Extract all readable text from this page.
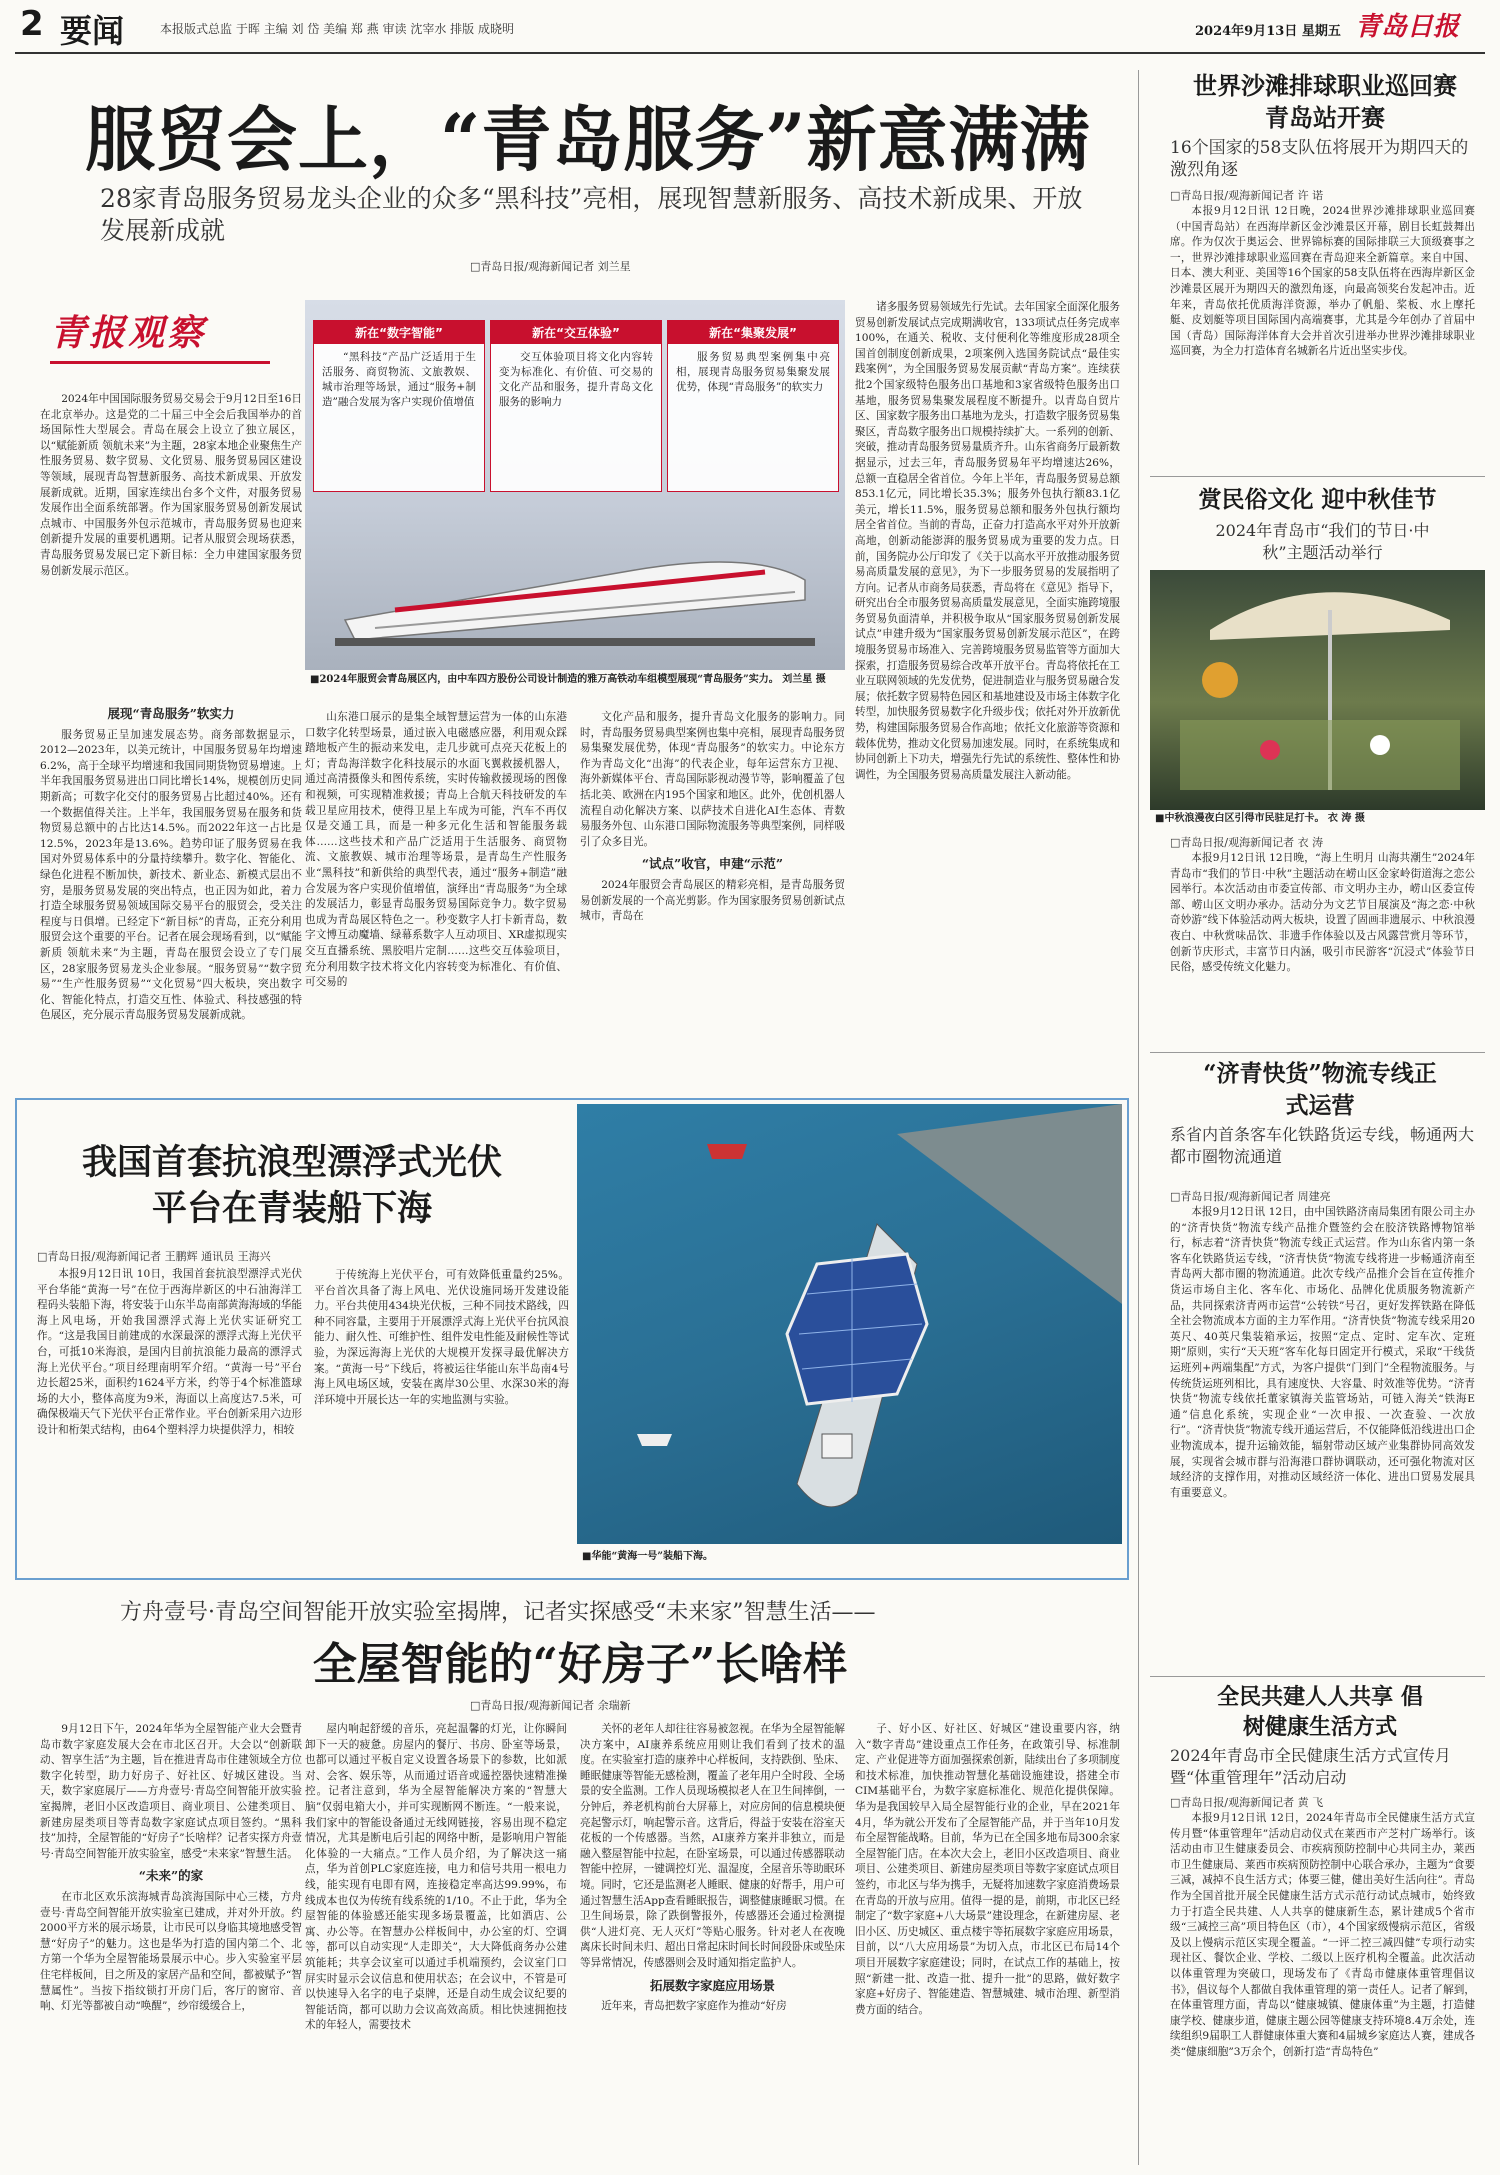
2 要闻	本报版式总监 于晖 主编 刘 岱 美编 郑 燕 审读 沈宰水 排版 成晓明	2024年9月13日 星期五 青岛日报
服贸会上，“青岛服务”新意满满
28家青岛服务贸易龙头企业的众多“黑科技”亮相，展现智慧新服务、高技术新成果、开放发展新成就
□青岛日报/观海新闻记者 刘兰星
青报观察

2024年中国国际服务贸易交易会于9月12日至16日在北京举办。这是党的二十届三中全会后我国举办的首场国际性大型展会。青岛在展会上设立了独立展区，以“赋能新质 领航未来”为主题，28家本地企业聚焦生产性服务贸易、数字贸易、文化贸易、服务贸易园区建设等领域，展现青岛智慧新服务、高技术新成果、开放发展新成就。近期，国家连续出台多个文件，对服务贸易发展作出全面系统部署。作为国家服务贸易创新发展试点城市、中国服务外包示范城市，青岛服务贸易也迎来创新提升发展的重要机遇期。记者从服贸会现场获悉，青岛服务贸易发展已定下新目标：全力申建国家服务贸易创新发展示范区。

新在“数字智能”
“黑科技”产品广泛适用于生活服务、商贸物流、文旅教娱、城市治理等场景，通过“服务+制造”融合发展为客户实现价值增值
新在“交互体验”
交互体验项目将文化内容转变为标准化、有价值、可交易的文化产品和服务，提升青岛文化服务的影响力
新在“集聚发展”
服务贸易典型案例集中亮相，展现青岛服务贸易集聚发展优势，体现“青岛服务”的软实力
■2024年服贸会青岛展区内，由中车四方股份公司设计制造的雅万高铁动车组模型展现“青岛服务”实力。 刘兰星 摄

诸多服务贸易领域先行先试。去年国家全面深化服务贸易创新发展试点完成期满收官，133项试点任务完成率100%，在通关、税收、支付便利化等维度形成28项全国首创制度创新成果，2项案例入选国务院试点“最佳实践案例”，为全国服务贸易发展贡献“青岛方案”。连续获批2个国家级特色服务出口基地和3家省级特色服务出口基地，服务贸易集聚发展程度不断提升。以青岛自贸片区、国家数字服务出口基地为龙头，打造数字服务贸易集聚区，青岛数字服务出口规模持续扩大。一系列的创新、突破，推动青岛服务贸易量质齐升。山东省商务厅最新数据显示，过去三年，青岛服务贸易年平均增速达26%，总额一直稳居全省首位。今年上半年，青岛服务贸易总额853.1亿元，同比增长35.3%；服务外包执行额83.1亿美元，增长11.5%，服务贸易总额和服务外包执行额均居全省首位。当前的青岛，正奋力打造高水平对外开放新高地，创新动能澎湃的服务贸易成为重要的发力点。日前，国务院办公厅印发了《关于以高水平开放推动服务贸易高质量发展的意见》，为下一步服务贸易的发展指明了方向。记者从市商务局获悉，青岛将在《意见》指导下，研究出台全市服务贸易高质量发展意见，全面实施跨境服务贸易负面清单，并积极争取从“国家服务贸易创新发展试点”申建升级为“国家服务贸易创新发展示范区”，在跨境服务贸易市场准入、完善跨境服务贸易监管等方面加大探索，打造服务贸易综合改革开放平台。青岛将依托在工业互联网领域的先发优势，促进制造业与服务贸易融合发展；依托数字贸易特色园区和基地建设及市场主体数字化转型，加快服务贸易数字化升级步伐；依托对外开放新优势，构建国际服务贸易合作高地；依托文化旅游等资源和载体优势，推动文化贸易加速发展。同时，在系统集成和协同创新上下功夫，增强先行先试的系统性、整体性和协调性，为全国服务贸易高质量发展注入新动能。

展现“青岛服务”软实力

服务贸易正呈加速发展态势。商务部数据显示，2012—2023年，以美元统计，中国服务贸易年均增速6.2%，高于全球平均增速和我国同期货物贸易增速。上半年我国服务贸易进出口同比增长14%，规模创历史同期新高；可数字化交付的服务贸易占比超过40%。还有一个数据值得关注。上半年，我国服务贸易在服务和货物贸易总额中的占比达14.5%。而2022年这一占比是12.5%，2023年是13.6%。趋势印证了服务贸易在我国对外贸易体系中的分量持续攀升。数字化、智能化、绿色化进程不断加快，新技术、新业态、新模式层出不穷，是服务贸易发展的突出特点，也正因为如此，着力打造全球服务贸易领域国际交易平台的服贸会，受关注程度与日俱增。已经定下“新目标”的青岛，正充分利用服贸会这个重要的平台。记者在展会现场看到，以“赋能新质 领航未来”为主题，青岛在服贸会设立了专门展区，28家服务贸易龙头企业参展。“服务贸易”“数字贸易”“生产性服务贸易”“文化贸易”四大板块，突出数字化、智能化特点，打造交互性、体验式、科技感强的特色展区，充分展示青岛服务贸易发展新成就。

山东港口展示的是集全域智慧运营为一体的山东港口数字化转型场景，通过嵌入电磁感应器，利用观众踩踏地板产生的振动来发电，走几步就可点亮天花板上的灯；青岛海洋数字化科技展示的水面飞翼救援机器人，通过高清摄像头和图传系统，实时传输救援现场的图像和视频，可实现精准救援；青岛上合航天科技研发的车载卫星应用技术，使得卫星上车成为可能，汽车不再仅仅是交通工具，而是一种多元化生活和智能服务载体……这些技术和产品广泛适用于生活服务、商贸物流、文旅教娱、城市治理等场景，是青岛生产性服务业“黑科技”和新供给的典型代表，通过“服务+制造”融合发展为客户实现价值增值，演绎出“青岛服务”为全球的发展活力，彰显青岛服务贸易国际竞争力。数字贸易也成为青岛展区特色之一。秒变数字人打卡新青岛，数字文博互动魔墙、绿幕系数字人互动项目、XR虚拟现实交互直播系统、黑胶唱片定制……这些交互体验项目，充分利用数字技术将文化内容转变为标准化、有价值、可交易的

文化产品和服务，提升青岛文化服务的影响力。同时，青岛服务贸易典型案例也集中亮相，展现青岛服务贸易集聚发展优势，体现“青岛服务”的软实力。中论东方作为青岛文化“出海”的代表企业，每年运营东方卫视、海外新媒体平台、青岛国际影视动漫节等，影响覆盖了包括北美、欧洲在内195个国家和地区。此外，优创机器人流程自动化解决方案、以萨技术自进化AI生态体、青数易服务外包、山东港口国际物流服务等典型案例，同样吸引了众多目光。

“试点”收官，申建“示范”

2024年服贸会青岛展区的精彩亮相，是青岛服务贸易创新发展的一个高光剪影。作为国家服务贸易创新试点城市，青岛在

我国首套抗浪型漂浮式光伏平台在青装船下海
□青岛日报/观海新闻记者 王鹏辉 通讯员 王海兴

本报9月12日讯 10日，我国首套抗浪型漂浮式光伏平台华能“黄海一号”在位于西海岸新区的中石油海洋工程码头装船下海，将安装于山东半岛南部黄海海域的华能海上风电场，开始我国漂浮式海上光伏实证研究工作。“这是我国目前建成的水深最深的漂浮式海上光伏平台，可抵10米海浪，是国内目前抗浪能力最高的漂浮式海上光伏平台。”项目经理南明军介绍。“黄海一号”平台边长超25米，面积约1624平方米，约等于4个标准篮球场的大小，整体高度为9米，海面以上高度达7.5米，可确保极端天气下光伏平台正常作业。平台创新采用六边形设计和桁架式结构，由64个塑料浮力块提供浮力，相较

于传统海上光伏平台，可有效降低重量约25%。平台首次具备了海上风电、光伏设施同场开发建设能力。平台共使用434块光伏板，三种不同技术路线，四种不同容量，主要用于开展漂浮式海上光伏平台抗风浪能力、耐久性、可维护性、组件发电性能及耐候性等试验，为深远海海上光伏的大规模开发探寻最优解决方案。“黄海一号”下线后，将被运往华能山东半岛南4号海上风电场区域，安装在离岸30公里、水深30米的海洋环境中开展长达一年的实地监测与实验。

■华能“黄海一号”装船下海。
方舟壹号·青岛空间智能开放实验室揭牌，记者实探感受“未来家”智慧生活——
全屋智能的“好房子”长啥样
□青岛日报/观海新闻记者 余瑞新

9月12日下午，2024年华为全屋智能产业大会暨青岛市数字家庭发展大会在市北区召开。大会以“创新联动、智享生活”为主题，旨在推进青岛市住建领域全方位数字化转型，助力好房子、好社区、好城区建设。当天，数字家庭展厅——方舟壹号·青岛空间智能开放实验室揭牌，老旧小区改造项目、商业项目、公建类项目、新建房屋类项目等青岛数字家庭试点项目签约。“黑科技”加持，全屋智能的“好房子”长啥样？记者实探方舟壹号·青岛空间智能开放实验室，感受“未来家”智慧生活。

“未来”的家

在市北区欢乐滨海城青岛滨海国际中心三楼，方舟壹号·青岛空间智能开放实验室已建成，并对外开放。约2000平方米的展示场景，让市民可以身临其境地感受智慧“好房子”的魅力。这也是华为打造的国内第二个、北方第一个华为全屋智能场景展示中心。步入实验室平层住宅样板间，目之所及的家居产品和空间，都被赋予“智慧属性”。当按下指纹锁打开房门后，客厅的窗帘、音响、灯光等都被自动“唤醒”，纱帘缓缓合上，

屋内响起舒缓的音乐，亮起温馨的灯光，让你瞬间卸下一天的疲惫。房屋内的餐厅、书房、卧室等场景，也都可以通过平板自定义设置各场景下的参数，比如派对、会客、娱乐等，从而通过语音或遥控器快速精准操控。记者注意到，华为全屋智能解决方案的“智慧大脑”仅弱电箱大小，并可实现断网不断连。“一般来说，我们家中的智能设备通过无线网链接，容易出现不稳定情况，尤其是断电后引起的网络中断，是影响用户智能化体验的一大痛点。”工作人员介绍，为了解决这一痛点，华为首创PLC家庭连接，电力和信号共用一根电力线，能实现有电即有网，连接稳定率高达99.99%，布线成本也仅为传统有线系统的1/10。不止于此，华为全屋智能的体验感还能实现多场景覆盖，比如酒店、公寓、办公等。在智慧办公样板间中，办公室的灯、空调等，都可以自动实现“人走即关”，大大降低商务办公建筑能耗；共享会议室可以通过手机端预约，会议室门口屏实时显示会议信息和使用状态；在会议中，不管是可以快速导入名字的电子桌牌，还是自动生成会议纪要的智能话筒，都可以助力会议高效高质。相比快速拥抱技术的年轻人，需要技术

关怀的老年人却往往容易被忽视。在华为全屋智能解决方案中，AI康养系统应用则让我们看到了技术的温度。在实验室打造的康养中心样板间，支持跌倒、坠床、睡眠健康等智能无感检测，覆盖了老年用户全时段、全场景的安全监测。工作人员现场模拟老人在卫生间摔倒，一分钟后，养老机构前台大屏幕上，对应房间的信息模块便亮起警示灯，响起警示音。这背后，得益于安装在浴室天花板的一个传感器。当然，AI康养方案并非独立，而是融入整屋智能中拉起，在卧室场景，可以通过传感器联动智能中控屏，一键调控灯光、温湿度，全屋音乐等助眠环境。同时，它还是监测老人睡眠、健康的好帮手，用户可通过智慧生活App查看睡眠报告，调整健康睡眠习惯。在卫生间场景，除了跌倒警报外，传感器还会通过检测提供“人进灯亮、无人灭灯”等贴心服务。针对老人在夜晚离床长时间未归、超出日常起床时间长时间段卧床或坠床等异常情况，传感器则会及时通知指定监护人。

拓展数字家庭应用场景

近年来，青岛把数字家庭作为推动“好房

子、好小区、好社区、好城区”建设重要内容，纳入“数字青岛”建设重点工作任务，在政策引导、标准制定、产业促进等方面加强探索创新，陆续出台了多项制度和技术标准，加快推动智慧化基础设施建设，搭建全市CIM基础平台，为数字家庭标准化、规范化提供保障。华为是我国较早入局全屋智能行业的企业，早在2021年4月，华为就公开发布了全屋智能产品，并于当年10月发布全屋智能战略。目前，华为已在全国多地布局300余家全屋智能门店。在本次大会上，老旧小区改造项目、商业项目、公建类项目、新建房屋类项目等数字家庭试点项目签约，市北区与华为携手，无疑将加速数字家庭消费场景在青岛的开放与应用。值得一提的是，前期，市北区已经制定了“数字家庭+八大场景”建设理念，在新建房屋、老旧小区、历史城区、重点楼宇等拓展数字家庭应用场景，目前，以“八大应用场景”为切入点，市北区已布局14个项目开展数字家庭建设；同时，在试点工作的基础上，按照“新建一批、改造一批、提升一批”的思路，做好数字家庭+好房子、智能建造、智慧城建、城市治理、新型消费方面的结合。

世界沙滩排球职业巡回赛青岛站开赛
16个国家的58支队伍将展开为期四天的激烈角逐
□青岛日报/观海新闻记者 许 诺

本报9月12日讯 12日晚，2024世界沙滩排球职业巡回赛（中国青岛站）在西海岸新区金沙滩景区开幕，剧目长虹鼓舞出席。作为仅次于奥运会、世界锦标赛的国际排联三大顶级赛事之一，世界沙滩排球职业巡回赛在青岛迎来全新篇章。来自中国、日本、澳大利亚、美国等16个国家的58支队伍将在西海岸新区金沙滩景区展开为期四天的激烈角逐，向最高领奖台发起冲击。近年来，青岛依托优质海洋资源，举办了帆船、桨板、水上摩托艇、皮划艇等项目国际国内高端赛事，尤其是今年创办了首届中国（青岛）国际海洋体育大会并首次引进举办世界沙滩排球职业巡回赛，为全力打造体育名城新名片近出坚实步伐。

赏民俗文化 迎中秋佳节
2024年青岛市“我们的节日·中秋”主题活动举行
■中秋浪漫夜白区引得市民驻足打卡。 衣 涛 摄
□青岛日报/观海新闻记者 衣 涛

本报9月12日讯 12日晚，“海上生明月 山海共潮生”2024年青岛市“我们的节日·中秋”主题活动在崂山区金家岭街道海之恋公园举行。本次活动由市委宣传部、市文明办主办，崂山区委宣传部、崂山区文明办承办。活动分为文艺节目展演及“海之恋·中秋奇妙游”线下体验活动两大板块，设置了固画非遗展示、中秋浪漫夜白、中秋赏味品饮、非遗手作体验以及古风露营赏月等环节，创新节庆形式，丰富节日内涵，吸引市民游客“沉浸式”体验节日民俗，感受传统文化魅力。

“济青快货”物流专线正式运营
系省内首条客车化铁路货运专线，畅通两大都市圈物流通道
□青岛日报/观海新闻记者 周建亮

本报9月12日讯 12日，由中国铁路济南局集团有限公司主办的“济青快货”物流专线产品推介暨签约会在胶济铁路博物馆举行，标志着“济青快货”物流专线正式运营。作为山东省内第一条客车化铁路货运专线，“济青快货”物流专线将进一步畅通济南至青岛两大都市圈的物流通道。此次专线产品推介会旨在宣传推介货运市场自主化、客车化、市场化、品牌化优质服务物流新产品，共同探索济青两市运营“公转铁”号召，更好发挥铁路在降低全社会物流成本方面的主力军作用。“济青快货”物流专线采用20英尺、40英尺集装箱承运，按照“定点、定时、定车次、定班期”原则，实行“天天班”客车化每日固定开行模式，采取“干线货运班列+两端集配”方式，为客户提供“门到门”全程物流服务。与传统货运班列相比，具有速度快、大容量、时效准等优势。“济青快货”物流专线依托董家镇海关监管场站，可链入海关“铁海E通”信息化系统，实现企业“一次申报、一次查验、一次放行”。“济青快货”物流专线开通运营后，不仅能降低沿线进出口企业物流成本，提升运输效能，辐射带动区域产业集群协同高效发展，实现省会城市群与沿海港口群协调联动，还可强化物流对区域经济的支撑作用，对推动区域经济一体化、进出口贸易发展具有重要意义。

全民共建人人共享 倡树健康生活方式
2024年青岛市全民健康生活方式宣传月暨“体重管理年”活动启动
□青岛日报/观海新闻记者 黄 飞

本报9月12日讯 12日，2024年青岛市全民健康生活方式宣传月暨“体重管理年”活动启动仪式在莱西市产芝村广场举行。该活动由市卫生健康委员会、市疾病预防控制中心共同主办，莱西市卫生健康局、莱西市疾病预防控制中心联合承办，主题为“食要三减，减掉不良生活方式；体要三健，健出美好生活向往”。青岛作为全国首批开展全民健康生活方式示范行动试点城市，始终致力于打造全民共建、人人共享的健康新生态，累计建成5个省市级“三减控三高”项目特色区（市），4个国家级慢病示范区，省级及以上慢病示范区实现全覆盖。“一评二控三减四健”专项行动实现社区、餐饮企业、学校、二级以上医疗机构全覆盖。此次活动以体重管理为突破口，现场发布了《青岛市健康体重管理倡议书》，倡议每个人都做自我体重管理的第一责任人。记者了解到，在体重管理方面，青岛以“健康城镇、健康体重”为主题，打造健康学校、健康步道，健康主题公园等健康支持环境8.4万余处，连续组织9届职工人群健康体重大赛和4届城乡家庭达人赛，建成各类“健康细胞”3万余个，创新打造“青岛特色”
